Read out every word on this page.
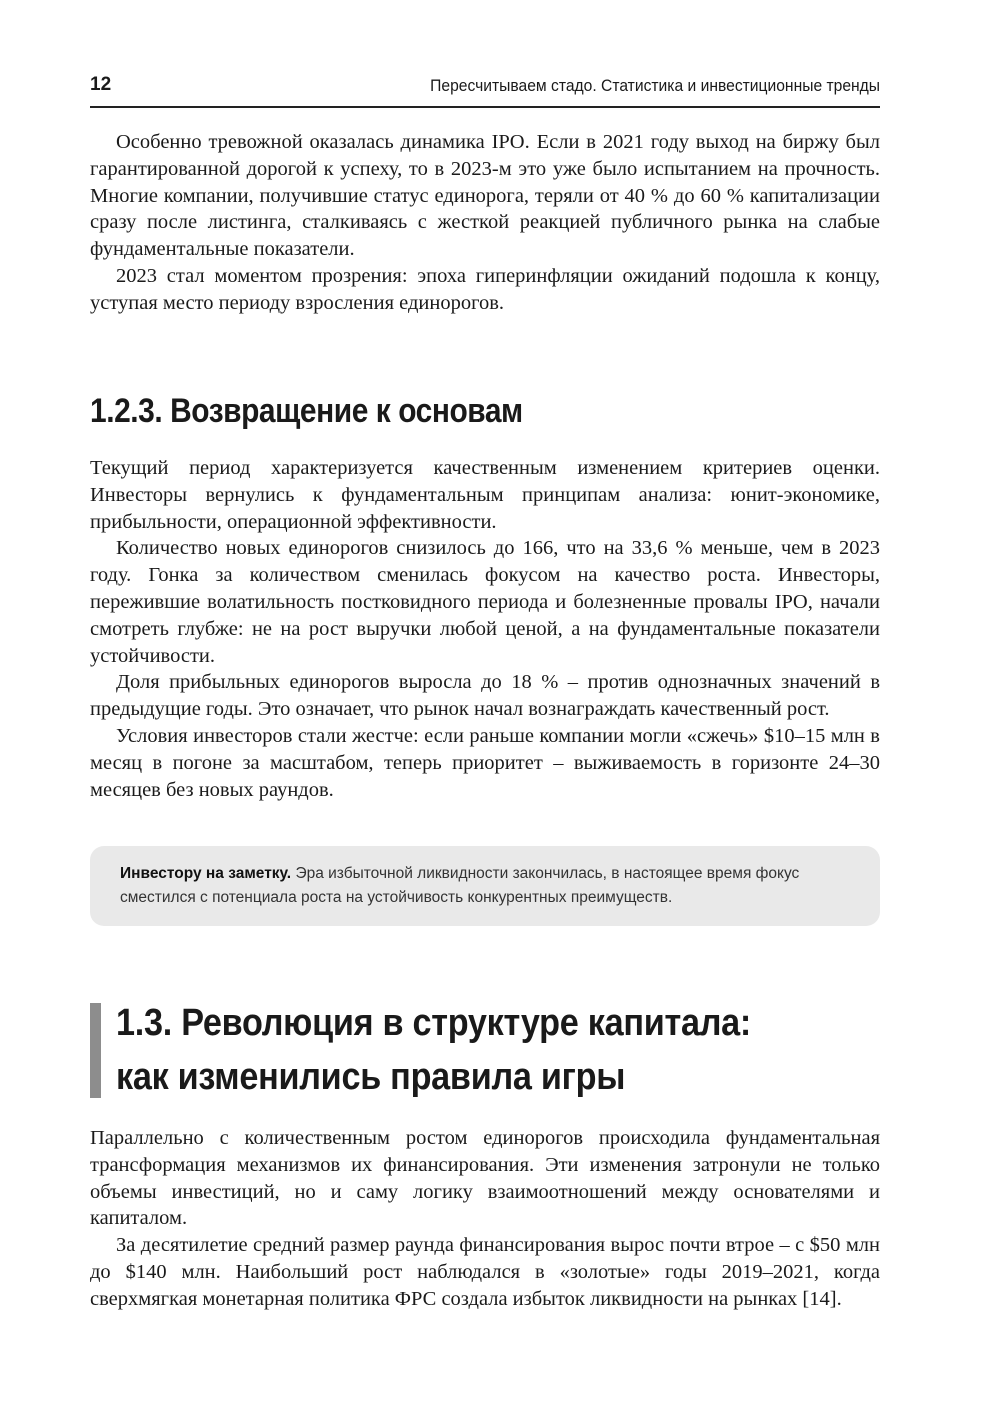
12	Пересчитываем стадо. Статистика и инвестиционные тренды

Особенно тревожной оказалась динамика IPO. Если в 2021 году выход на биржу был гарантированной дорогой к успеху, то в 2023-м это уже было испытанием на прочность. Многие компании, получившие статус единорога, теряли от 40 % до 60 % капитализации сразу после листинга, сталкиваясь с жесткой реакцией публичного рынка на слабые фундаментальные показатели.

2023 стал моментом прозрения: эпоха гиперинфляции ожиданий подошла к концу, уступая место периоду взросления единорогов.

1.2.3. Возвращение к основам

Текущий период характеризуется качественным изменением критериев оценки. Инвесторы вернулись к фундаментальным принципам анализа: юнит-экономике, прибыльности, операционной эффективности.

Количество новых единорогов снизилось до 166, что на 33,6 % меньше, чем в 2023 году. Гонка за количеством сменилась фокусом на качество роста. Инвесторы, пережившие волатильность постковидного периода и болезненные провалы IPO, начали смотреть глубже: не на рост выручки любой ценой, а на фундаментальные показатели устойчивости.

Доля прибыльных единорогов выросла до 18 % – против однозначных значений в предыдущие годы. Это означает, что рынок начал вознаграждать качественный рост.

Условия инвесторов стали жестче: если раньше компании могли «сжечь» $10–15 млн в месяц в погоне за масштабом, теперь приоритет – выживаемость в горизонте 24–30 месяцев без новых раундов.

Инвестору на заметку. Эра избыточной ликвидности закончилась, в настоящее время фокус сместился с потенциала роста на устойчивость конкурентных преимуществ.
1.3. Революция в структуре капитала:
как изменились правила игры

Параллельно с количественным ростом единорогов происходила фундаментальная трансформация механизмов их финансирования. Эти изменения затронули не только объемы инвестиций, но и саму логику взаимоотношений между основателями и капиталом.

За десятилетие средний размер раунда финансирования вырос почти втрое – с $50 млн до $140 млн. Наибольший рост наблюдался в «золотые» годы 2019–2021, когда сверхмягкая монетарная политика ФРС создала избыток ликвидности на рынках [14].
